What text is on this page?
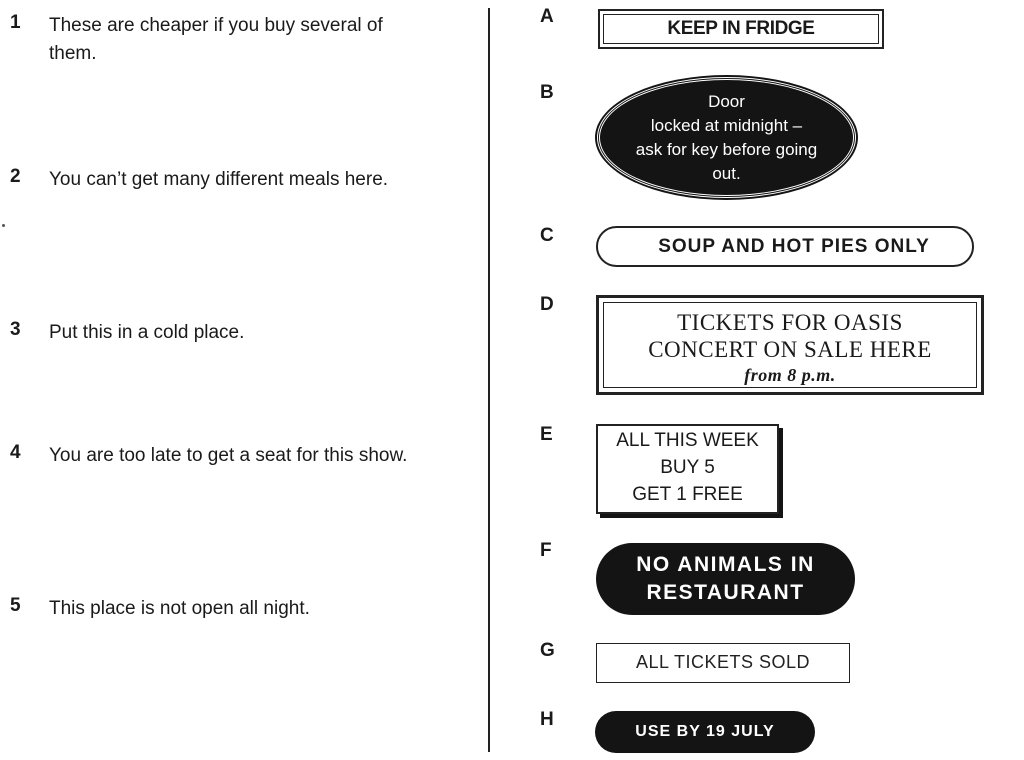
1 These are cheaper if you buy several of them.
2 You can’t get many different meals here.
3 Put this in a cold place.
4 You are too late to get a seat for this show.
5 This place is not open all night.
A
KEEP IN FRIDGE
B	Door
locked at midnight –
ask for key before going
out.
C
SOUP AND HOT PIES ONLY
D
TICKETS FOR OASIS
CONCERT ON SALE HERE
from 8 p.m.
E	ALL THIS WEEK
BUY 5
GET 1 FREE
F
NO ANIMALS IN
RESTAURANT
G
ALL TICKETS SOLD
H
USE BY 19 JULY
